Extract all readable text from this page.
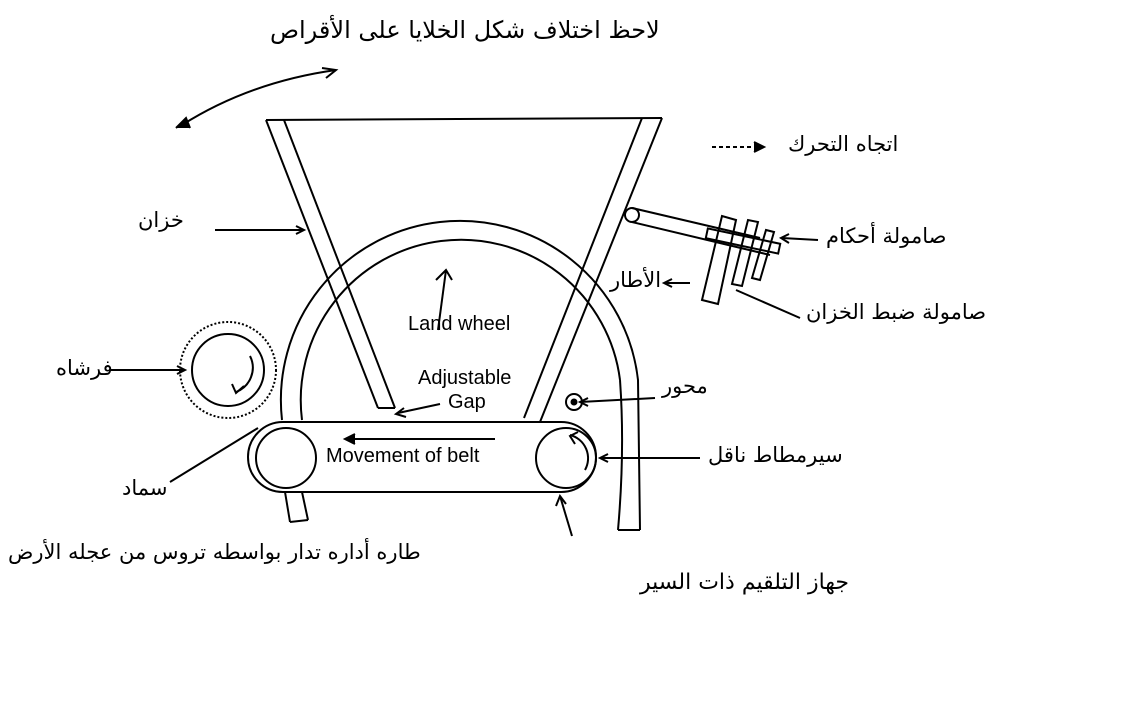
لاحظ اختلاف شكل الخلايا على الأقراص
اتجاه التحرك
خزان
صامولة أحكام
الأطار
صامولة ضبط الخزان
Land wheel
فرشاه	Adjustable
Gap
محور
سيرمطاط ناقل
Movement of belt
سماد
طاره أداره تدار بواسطه تروس من عجله الأرض
جهاز التلقيم ذات السير
